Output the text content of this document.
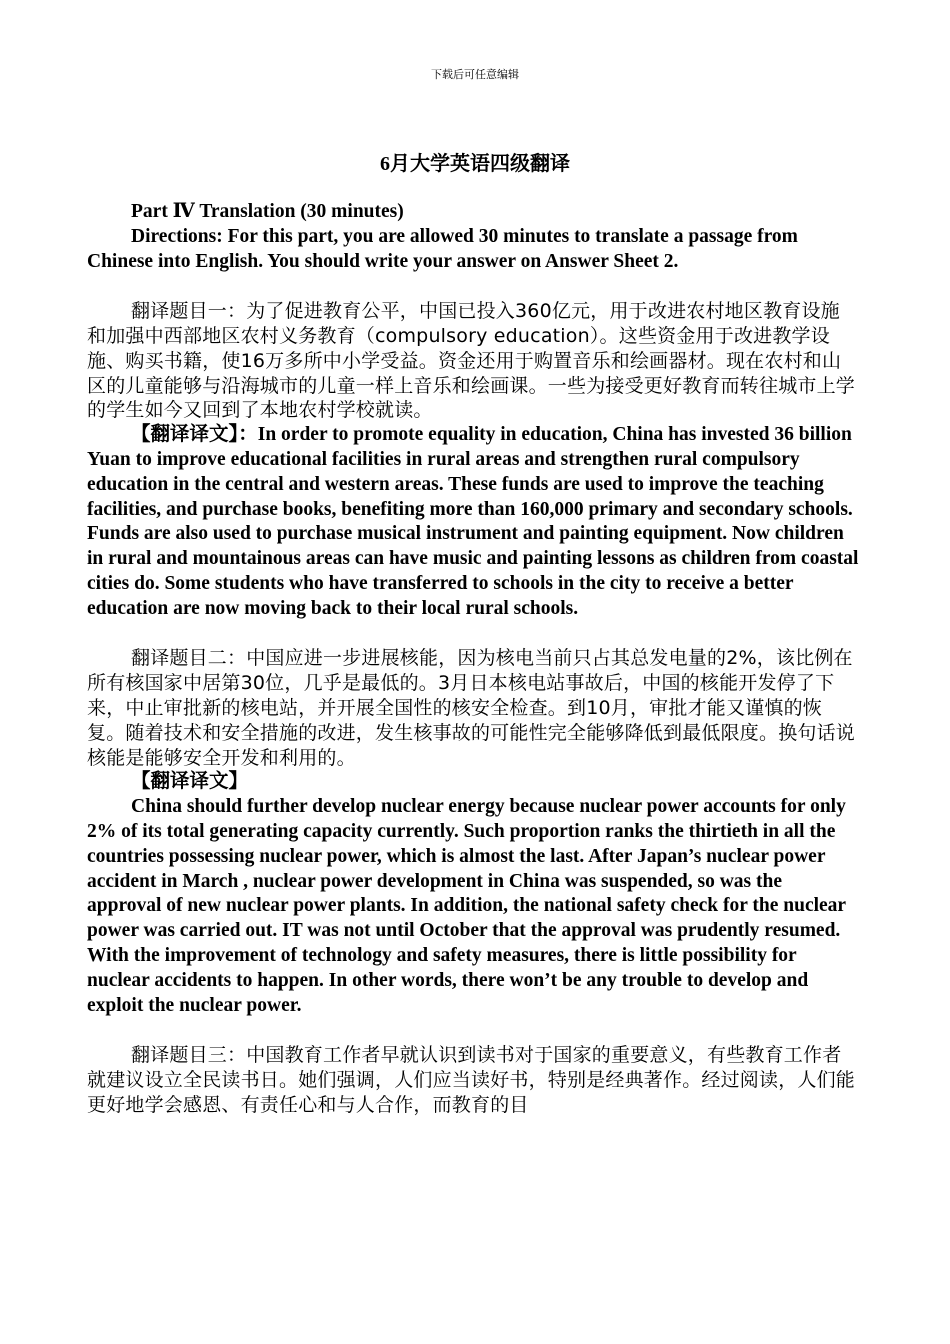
下载后可任意编辑
6月大学英语四级翻译

Part Ⅳ Translation (30 minutes)

Directions: For this part, you are allowed 30 minutes to translate a passage from Chinese into English. You should write your answer on Answer Sheet 2.

翻译题目一：为了促进教育公平，中国已投入360亿元，用于改进农村地区教育设施和加强中西部地区农村义务教育（compulsory education）。这些资金用于改进教学设施、购买书籍，使16万多所中小学受益。资金还用于购置音乐和绘画器材。现在农村和山区的儿童能够与沿海城市的儿童一样上音乐和绘画课。一些为接受更好教育而转往城市上学的学生如今又回到了本地农村学校就读。

【翻译译文】：In order to promote equality in education, China has invested 36 billion Yuan to improve educational facilities in rural areas and strengthen rural compulsory education in the central and western areas. These funds are used to improve the teaching facilities, and purchase books, benefiting more than 160,000 primary and secondary schools. Funds are also used to purchase musical instrument and painting equipment. Now children in rural and mountainous areas can have music and painting lessons as children from coastal cities do. Some students who have transferred to schools in the city to receive a better education are now moving back to their local rural schools.

翻译题目二：中国应进一步进展核能，因为核电当前只占其总发电量的2%，该比例在所有核国家中居第30位，几乎是最低的。3月日本核电站事故后，中国的核能开发停了下来，中止审批新的核电站，并开展全国性的核安全检查。到10月，审批才能又谨慎的恢复。随着技术和安全措施的改进，发生核事故的可能性完全能够降低到最低限度。换句话说核能是能够安全开发和利用的。

【翻译译文】

China should further develop nuclear energy because nuclear power accounts for only 2% of its total generating capacity currently. Such proportion ranks the thirtieth in all the countries possessing nuclear power, which is almost the last. After Japan’s nuclear power accident in March , nuclear power development in China was suspended, so was the approval of new nuclear power plants. In addition, the national safety check for the nuclear power was carried out. IT was not until October that the approval was prudently resumed. With the improvement of technology and safety measures, there is little possibility for nuclear accidents to happen. In other words, there won’t be any trouble to develop and exploit the nuclear power.

翻译题目三：中国教育工作者早就认识到读书对于国家的重要意义，有些教育工作者 就建议设立全民读书日。她们强调，人们应当读好书，特别是经典著作。经过阅读，人们能更好地学会感恩、有责任心和与人合作，而教育的目
